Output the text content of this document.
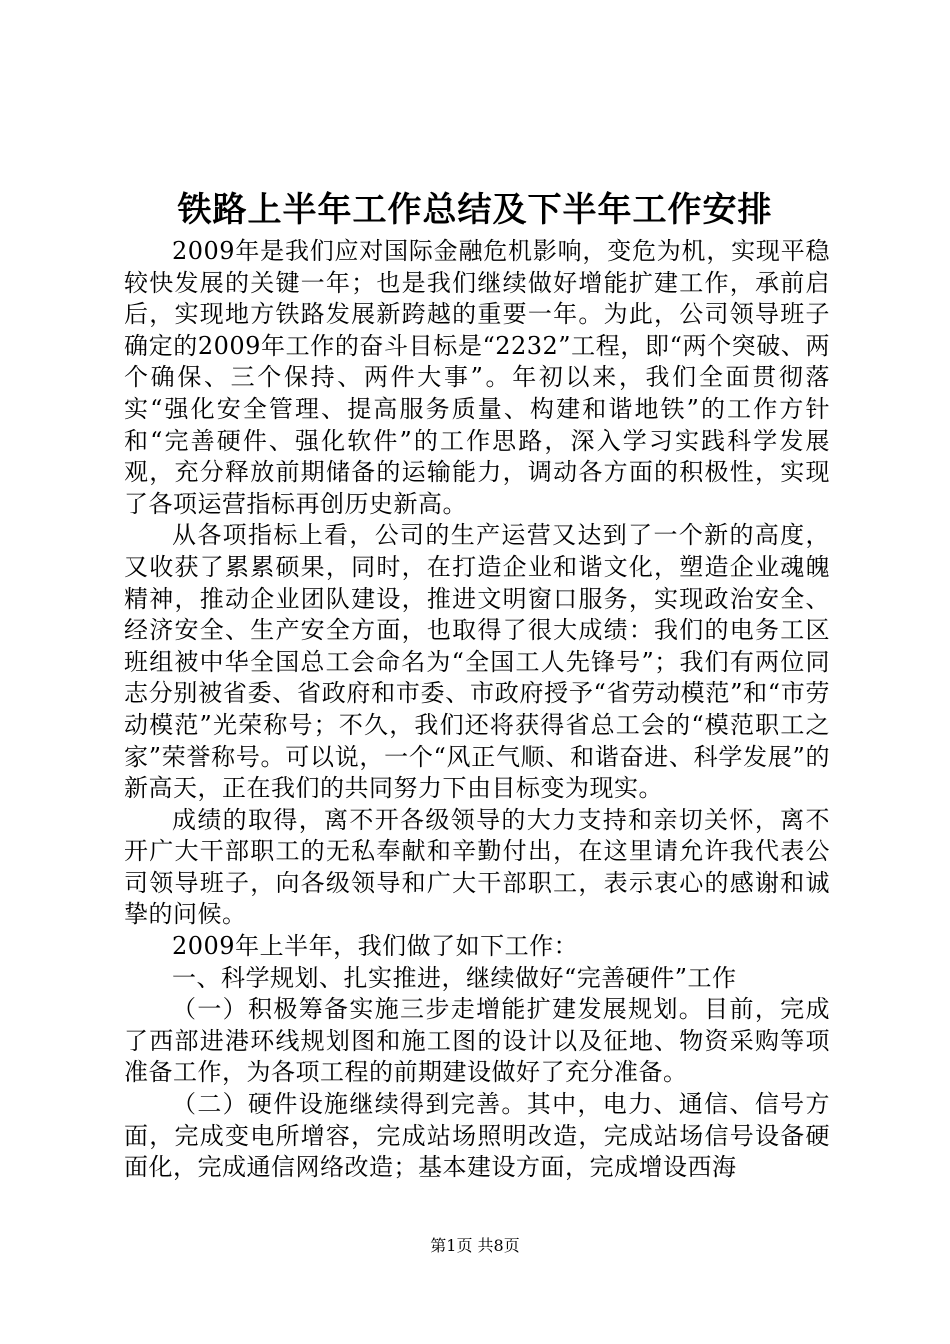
铁路上半年工作总结及下半年工作安排

2009年是我们应对国际金融危机影响，变危为机，实现平稳较快发展的关键一年；也是我们继续做好增能扩建工作，承前启后，实现地方铁路发展新跨越的重要一年。为此，公司领导班子确定的2009年工作的奋斗目标是“2232”工程，即“两个突破、两个确保、三个保持、两件大事”。年初以来，我们全面贯彻落实“强化安全管理、提高服务质量、构建和谐地铁”的工作方针和“完善硬件、强化软件”的工作思路，深入学习实践科学发展观，充分释放前期储备的运输能力，调动各方面的积极性，实现了各项运营指标再创历史新高。

从各项指标上看，公司的生产运营又达到了一个新的高度，又收获了累累硕果，同时，在打造企业和谐文化，塑造企业魂魄精神，推动企业团队建设，推进文明窗口服务，实现政治安全、经济安全、生产安全方面，也取得了很大成绩：我们的电务工区班组被中华全国总工会命名为“全国工人先锋号”；我们有两位同志分别被省委、省政府和市委、市政府授予“省劳动模范”和“市劳动模范”光荣称号；不久，我们还将获得省总工会的“模范职工之家”荣誉称号。可以说，一个“风正气顺、和谐奋进、科学发展”的新高天，正在我们的共同努力下由目标变为现实。

成绩的取得，离不开各级领导的大力支持和亲切关怀，离不开广大干部职工的无私奉献和辛勤付出，在这里请允许我代表公司领导班子，向各级领导和广大干部职工，表示衷心的感谢和诚挚的问候。

2009年上半年，我们做了如下工作：

一、科学规划、扎实推进，继续做好“完善硬件”工作

（一）积极筹备实施三步走增能扩建发展规划。目前，完成了西部进港环线规划图和施工图的设计以及征地、物资采购等项准备工作，为各项工程的前期建设做好了充分准备。

（二）硬件设施继续得到完善。其中，电力、通信、信号方面，完成变电所增容，完成站场照明改造，完成站场信号设备硬面化，完成通信网络改造；基本建设方面，完成增设西海

第1页 共8页
